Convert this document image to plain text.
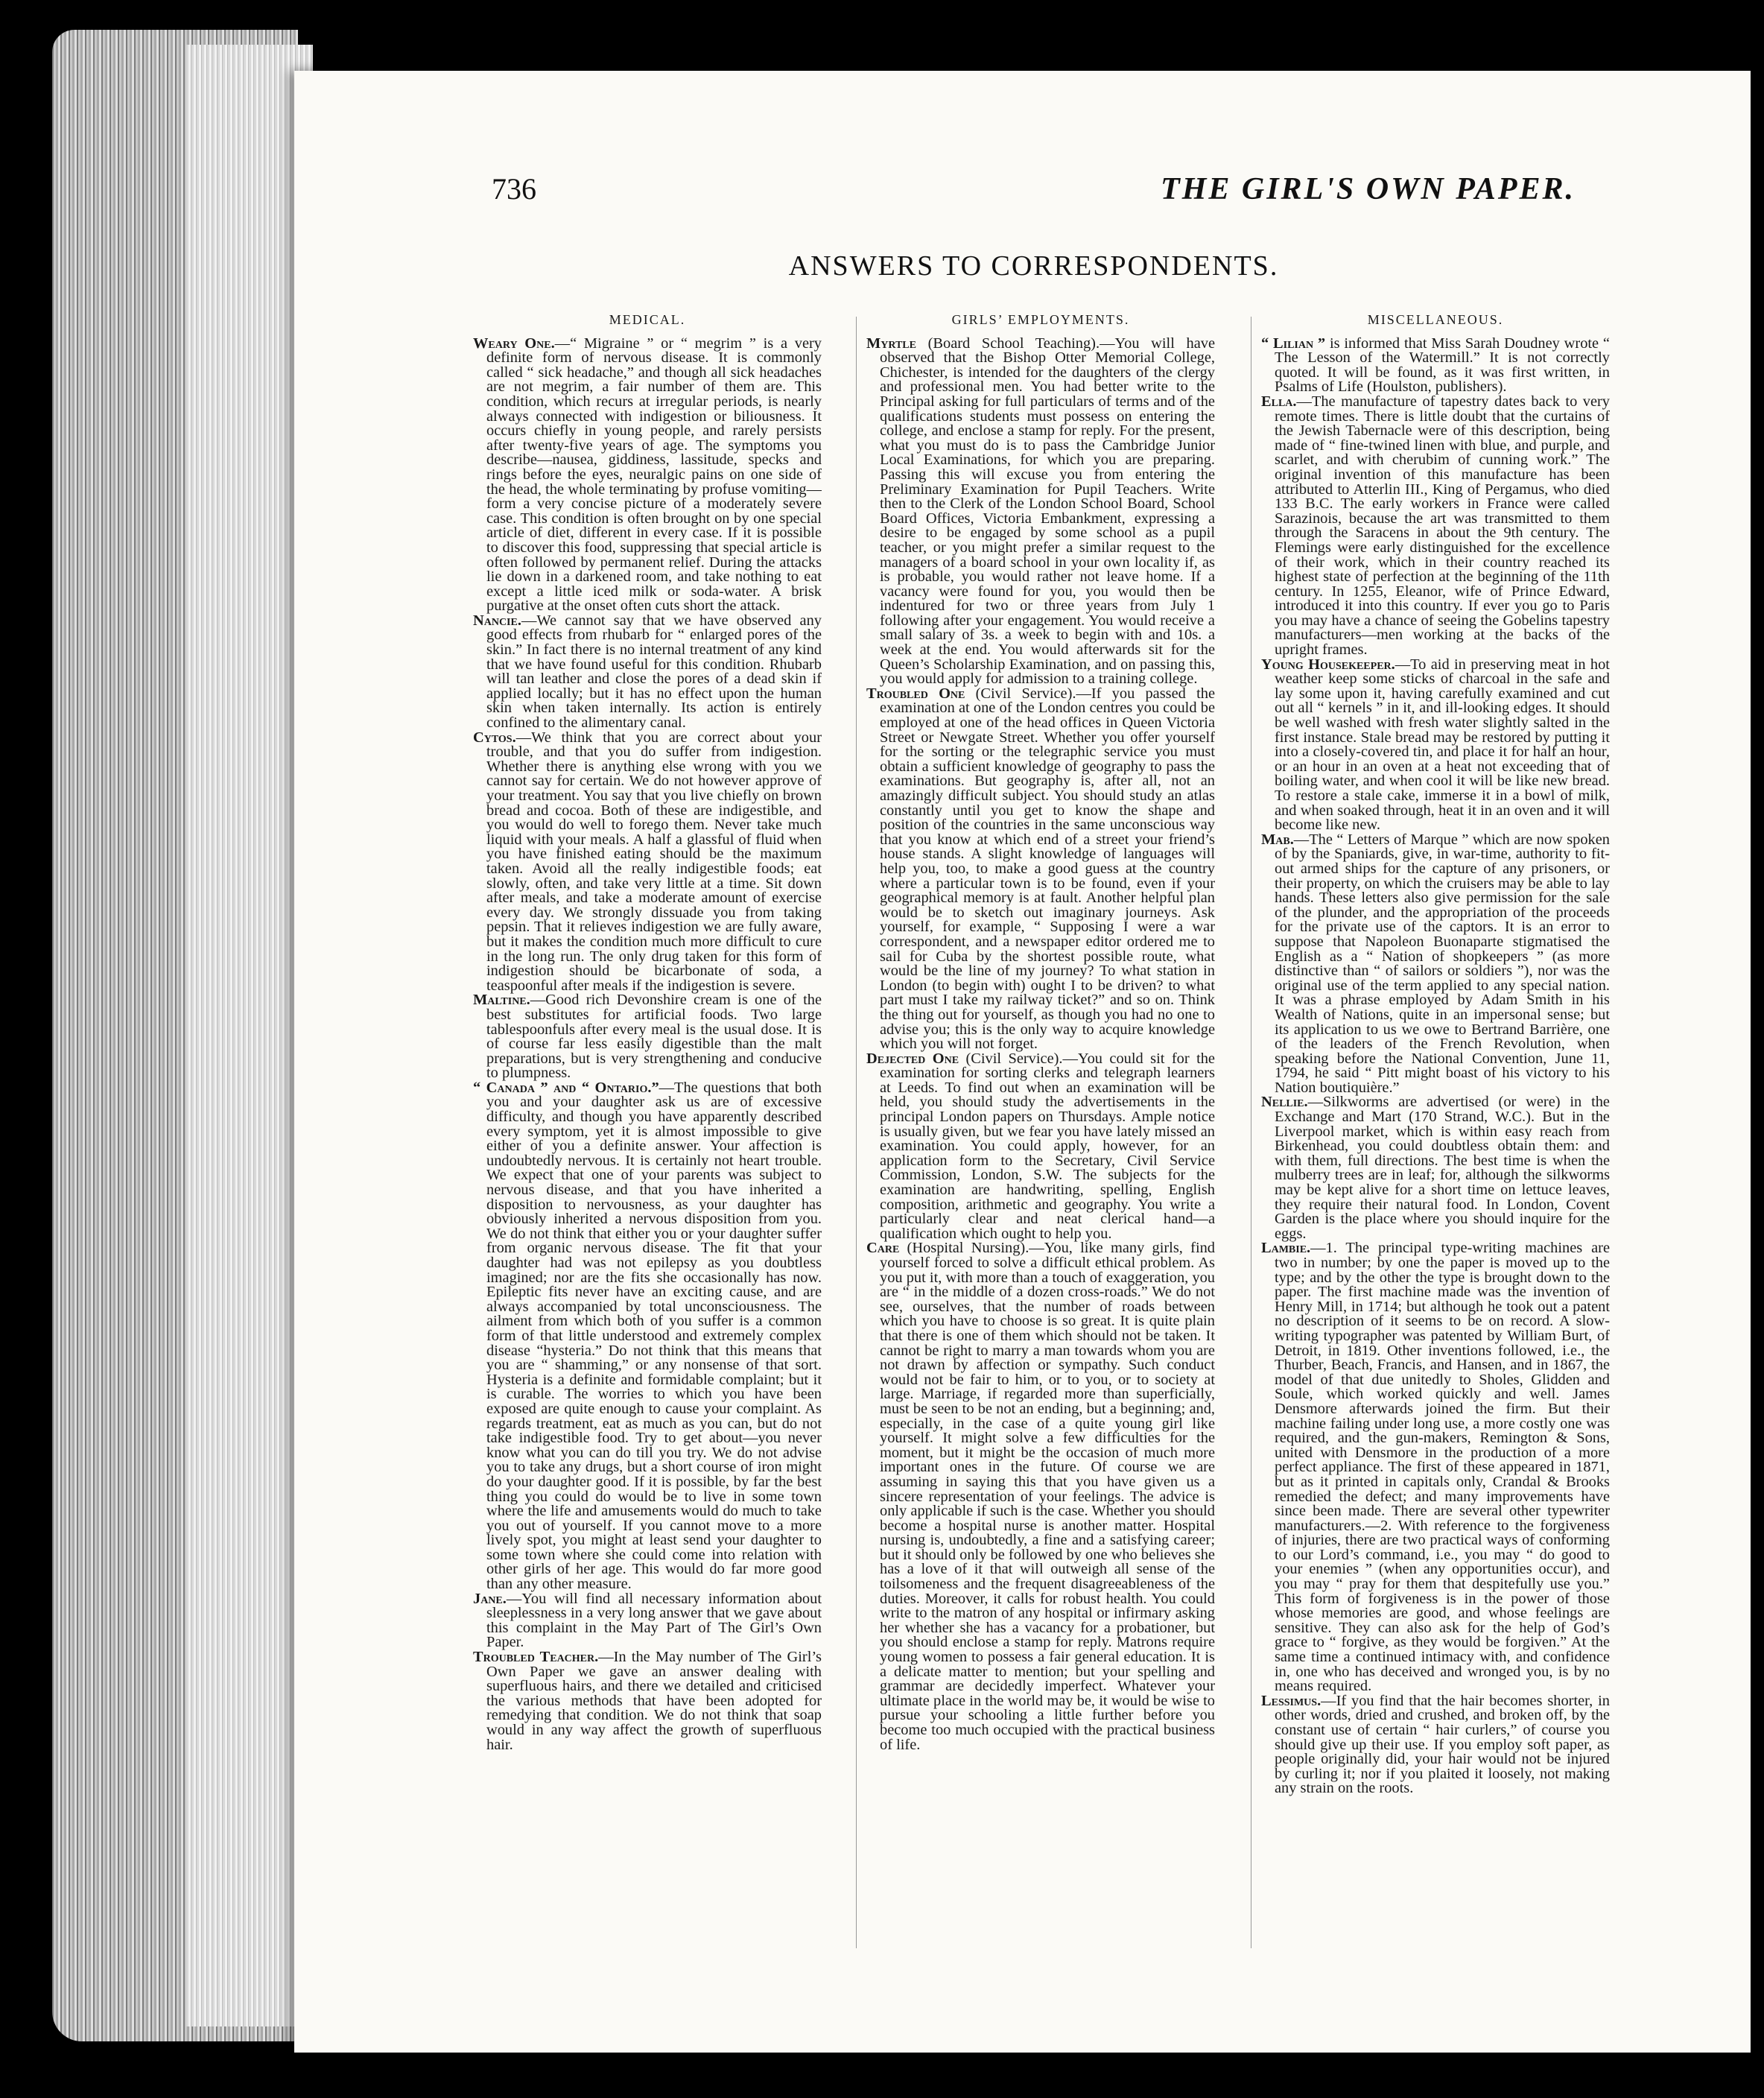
736	THE GIRL'S OWN PAPER.
ANSWERS TO CORRESPONDENTS.
MEDICAL.

Weary One.—“ Migraine ” or “ megrim ” is a very definite form of nervous disease. It is commonly called “ sick headache,” and though all sick headaches are not megrim, a fair number of them are. This condition, which recurs at irregular periods, is nearly always connected with indigestion or biliousness. It occurs chiefly in young people, and rarely persists after twenty-five years of age. The symptoms you describe—nausea, giddiness, lassitude, specks and rings before the eyes, neuralgic pains on one side of the head, the whole terminating by profuse vomiting—form a very concise picture of a moderately severe case. This condition is often brought on by one special article of diet, different in every case. If it is possible to discover this food, suppressing that special article is often followed by permanent relief. During the attacks lie down in a darkened room, and take nothing to eat except a little iced milk or soda-water. A brisk purgative at the onset often cuts short the attack.

Nancie.—We cannot say that we have observed any good effects from rhubarb for “ enlarged pores of the skin.” In fact there is no internal treatment of any kind that we have found useful for this condition. Rhubarb will tan leather and close the pores of a dead skin if applied locally; but it has no effect upon the human skin when taken internally. Its action is entirely confined to the alimentary canal.

Cytos.—We think that you are correct about your trouble, and that you do suffer from indigestion. Whether there is anything else wrong with you we cannot say for certain. We do not however approve of your treatment. You say that you live chiefly on brown bread and cocoa. Both of these are indigestible, and you would do well to forego them. Never take much liquid with your meals. A half a glassful of fluid when you have finished eating should be the maximum taken. Avoid all the really indigestible foods; eat slowly, often, and take very little at a time. Sit down after meals, and take a moderate amount of exercise every day. We strongly dissuade you from taking pepsin. That it relieves indigestion we are fully aware, but it makes the condition much more difficult to cure in the long run. The only drug taken for this form of indigestion should be bicarbonate of soda, a teaspoonful after meals if the indigestion is severe.

Maltine.—Good rich Devonshire cream is one of the best substitutes for artificial foods. Two large tablespoonfuls after every meal is the usual dose. It is of course far less easily digestible than the malt preparations, but is very strengthening and conducive to plumpness.

“ Canada ” and “ Ontario.”—The questions that both you and your daughter ask us are of excessive difficulty, and though you have apparently described every symptom, yet it is almost impossible to give either of you a definite answer. Your affection is undoubtedly nervous. It is certainly not heart trouble. We expect that one of your parents was subject to nervous disease, and that you have inherited a disposition to nervousness, as your daughter has obviously inherited a nervous disposition from you. We do not think that either you or your daughter suffer from organic nervous disease. The fit that your daughter had was not epilepsy as you doubtless imagined; nor are the fits she occasionally has now. Epileptic fits never have an exciting cause, and are always accompanied by total unconsciousness. The ailment from which both of you suffer is a common form of that little understood and extremely complex disease “hysteria.” Do not think that this means that you are “ shamming,” or any nonsense of that sort. Hysteria is a definite and formidable complaint; but it is curable. The worries to which you have been exposed are quite enough to cause your complaint. As regards treatment, eat as much as you can, but do not take indigestible food. Try to get about—you never know what you can do till you try. We do not advise you to take any drugs, but a short course of iron might do your daughter good. If it is possible, by far the best thing you could do would be to live in some town where the life and amusements would do much to take you out of yourself. If you cannot move to a more lively spot, you might at least send your daughter to some town where she could come into relation with other girls of her age. This would do far more good than any other measure.

Jane.—You will find all necessary information about sleeplessness in a very long answer that we gave about this complaint in the May Part of The Girl’s Own Paper.

Troubled Teacher.—In the May number of The Girl’s Own Paper we gave an answer dealing with superfluous hairs, and there we detailed and criticised the various methods that have been adopted for remedying that condition. We do not think that soap would in any way affect the growth of superfluous hair.

GIRLS’ EMPLOYMENTS.

Myrtle (Board School Teaching).—You will have observed that the Bishop Otter Memorial College, Chichester, is intended for the daughters of the clergy and professional men. You had better write to the Principal asking for full particulars of terms and of the qualifications students must possess on entering the college, and enclose a stamp for reply. For the present, what you must do is to pass the Cambridge Junior Local Examinations, for which you are preparing. Passing this will excuse you from entering the Preliminary Examination for Pupil Teachers. Write then to the Clerk of the London School Board, School Board Offices, Victoria Embankment, expressing a desire to be engaged by some school as a pupil teacher, or you might prefer a similar request to the managers of a board school in your own locality if, as is probable, you would rather not leave home. If a vacancy were found for you, you would then be indentured for two or three years from July 1 following after your engagement. You would receive a small salary of 3s. a week to begin with and 10s. a week at the end. You would afterwards sit for the Queen’s Scholarship Examination, and on passing this, you would apply for admission to a training college.

Troubled One (Civil Service).—If you passed the examination at one of the London centres you could be employed at one of the head offices in Queen Victoria Street or Newgate Street. Whether you offer yourself for the sorting or the telegraphic service you must obtain a sufficient knowledge of geography to pass the examinations. But geography is, after all, not an amazingly difficult subject. You should study an atlas constantly until you get to know the shape and position of the countries in the same unconscious way that you know at which end of a street your friend’s house stands. A slight knowledge of languages will help you, too, to make a good guess at the country where a particular town is to be found, even if your geographical memory is at fault. Another helpful plan would be to sketch out imaginary journeys. Ask yourself, for example, “ Supposing I were a war correspondent, and a newspaper editor ordered me to sail for Cuba by the shortest possible route, what would be the line of my journey? To what station in London (to begin with) ought I to be driven? to what part must I take my railway ticket?” and so on. Think the thing out for yourself, as though you had no one to advise you; this is the only way to acquire knowledge which you will not forget.

Dejected One (Civil Service).—You could sit for the examination for sorting clerks and telegraph learners at Leeds. To find out when an examination will be held, you should study the advertisements in the principal London papers on Thursdays. Ample notice is usually given, but we fear you have lately missed an examination. You could apply, however, for an application form to the Secretary, Civil Service Commission, London, S.W. The subjects for the examination are handwriting, spelling, English composition, arithmetic and geography. You write a particularly clear and neat clerical hand—a qualification which ought to help you.

Care (Hospital Nursing).—You, like many girls, find yourself forced to solve a difficult ethical problem. As you put it, with more than a touch of exaggeration, you are “ in the middle of a dozen cross-roads.” We do not see, ourselves, that the number of roads between which you have to choose is so great. It is quite plain that there is one of them which should not be taken. It cannot be right to marry a man towards whom you are not drawn by affection or sympathy. Such conduct would not be fair to him, or to you, or to society at large. Marriage, if regarded more than superficially, must be seen to be not an ending, but a beginning; and, especially, in the case of a quite young girl like yourself. It might solve a few difficulties for the moment, but it might be the occasion of much more important ones in the future. Of course we are assuming in saying this that you have given us a sincere representation of your feelings. The advice is only applicable if such is the case. Whether you should become a hospital nurse is another matter. Hospital nursing is, undoubtedly, a fine and a satisfying career; but it should only be followed by one who believes she has a love of it that will outweigh all sense of the toilsomeness and the frequent disagreeableness of the duties. Moreover, it calls for robust health. You could write to the matron of any hospital or infirmary asking her whether she has a vacancy for a probationer, but you should enclose a stamp for reply. Matrons require young women to possess a fair general education. It is a delicate matter to mention; but your spelling and grammar are decidedly imperfect. Whatever your ultimate place in the world may be, it would be wise to pursue your schooling a little further before you become too much occupied with the practical business of life.

MISCELLANEOUS.

“ Lilian ” is informed that Miss Sarah Doudney wrote “ The Lesson of the Watermill.” It is not correctly quoted. It will be found, as it was first written, in Psalms of Life (Houlston, publishers).

Ella.—The manufacture of tapestry dates back to very remote times. There is little doubt that the curtains of the Jewish Tabernacle were of this description, being made of “ fine-twined linen with blue, and purple, and scarlet, and with cherubim of cunning work.” The original invention of this manufacture has been attributed to Atterlin III., King of Pergamus, who died 133 B.C. The early workers in France were called Sarazinois, because the art was transmitted to them through the Saracens in about the 9th century. The Flemings were early distinguished for the excellence of their work, which in their country reached its highest state of perfection at the beginning of the 11th century. In 1255, Eleanor, wife of Prince Edward, introduced it into this country. If ever you go to Paris you may have a chance of seeing the Gobelins tapestry manufacturers—men working at the backs of the upright frames.

Young Housekeeper.—To aid in preserving meat in hot weather keep some sticks of charcoal in the safe and lay some upon it, having carefully examined and cut out all “ kernels ” in it, and ill-looking edges. It should be well washed with fresh water slightly salted in the first instance. Stale bread may be restored by putting it into a closely-covered tin, and place it for half an hour, or an hour in an oven at a heat not exceeding that of boiling water, and when cool it will be like new bread. To restore a stale cake, immerse it in a bowl of milk, and when soaked through, heat it in an oven and it will become like new.

Mab.—The “ Letters of Marque ” which are now spoken of by the Spaniards, give, in war-time, authority to fit-out armed ships for the capture of any prisoners, or their property, on which the cruisers may be able to lay hands. These letters also give permission for the sale of the plunder, and the appropriation of the proceeds for the private use of the captors. It is an error to suppose that Napoleon Buonaparte stigmatised the English as a “ Nation of shopkeepers ” (as more distinctive than “ of sailors or soldiers ”), nor was the original use of the term applied to any special nation. It was a phrase employed by Adam Smith in his Wealth of Nations, quite in an impersonal sense; but its application to us we owe to Bertrand Barrière, one of the leaders of the French Revolution, when speaking before the National Convention, June 11, 1794, he said “ Pitt might boast of his victory to his Nation boutiquière.”

Nellie.—Silkworms are advertised (or were) in the Exchange and Mart (170 Strand, W.C.). But in the Liverpool market, which is within easy reach from Birkenhead, you could doubtless obtain them: and with them, full directions. The best time is when the mulberry trees are in leaf; for, although the silkworms may be kept alive for a short time on lettuce leaves, they require their natural food. In London, Covent Garden is the place where you should inquire for the eggs.

Lambie.—1. The principal type-writing machines are two in number; by one the paper is moved up to the type; and by the other the type is brought down to the paper. The first machine made was the invention of Henry Mill, in 1714; but although he took out a patent no description of it seems to be on record. A slow-writing typographer was patented by William Burt, of Detroit, in 1819. Other inventions followed, i.e., the Thurber, Beach, Francis, and Hansen, and in 1867, the model of that due unitedly to Sholes, Glidden and Soule, which worked quickly and well. James Densmore afterwards joined the firm. But their machine failing under long use, a more costly one was required, and the gun-makers, Remington & Sons, united with Densmore in the production of a more perfect appliance. The first of these appeared in 1871, but as it printed in capitals only, Crandal & Brooks remedied the defect; and many improvements have since been made. There are several other typewriter manufacturers.—2. With reference to the forgiveness of injuries, there are two practical ways of conforming to our Lord’s command, i.e., you may “ do good to your enemies ” (when any opportunities occur), and you may “ pray for them that despitefully use you.” This form of forgiveness is in the power of those whose memories are good, and whose feelings are sensitive. They can also ask for the help of God’s grace to “ forgive, as they would be forgiven.” At the same time a continued intimacy with, and confidence in, one who has deceived and wronged you, is by no means required.

Lessimus.—If you find that the hair becomes shorter, in other words, dried and crushed, and broken off, by the constant use of certain “ hair curlers,” of course you should give up their use. If you employ soft paper, as people originally did, your hair would not be injured by curling it; nor if you plaited it loosely, not making any strain on the roots.
